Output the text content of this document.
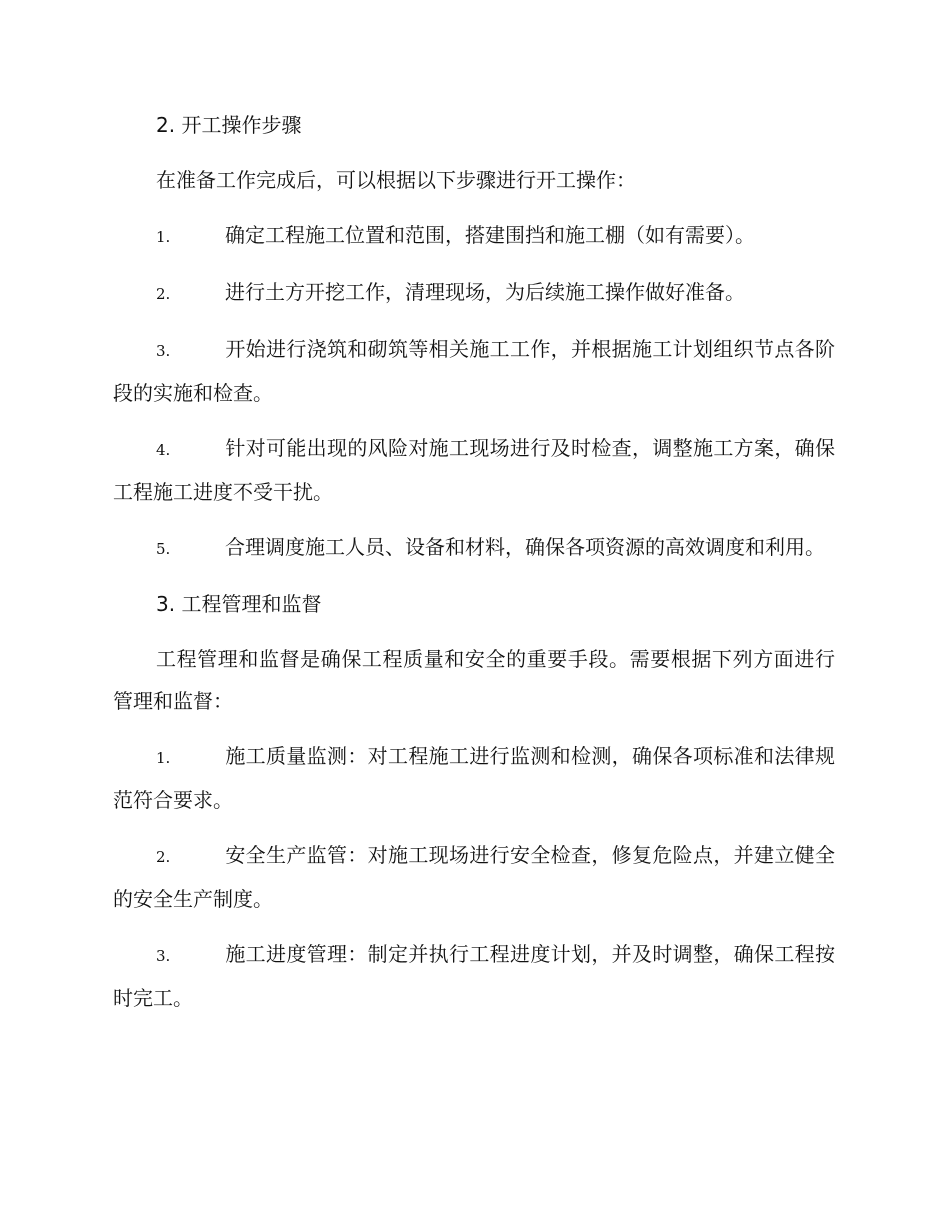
2. 开工操作步骤

在准备工作完成后，可以根据以下步骤进行开工操作：

1.	确定工程施工位置和范围，搭建围挡和施工棚（如有需要）。

2.	进行土方开挖工作，清理现场，为后续施工操作做好准备。

3.	开始进行浇筑和砌筑等相关施工工作，并根据施工计划组织节点各阶段的实施和检查。

4.	针对可能出现的风险对施工现场进行及时检查，调整施工方案，确保工程施工进度不受干扰。

5.	合理调度施工人员、设备和材料，确保各项资源的高效调度和利用。

3. 工程管理和监督

工程管理和监督是确保工程质量和安全的重要手段。需要根据下列方面进行管理和监督：

1.	施工质量监测：对工程施工进行监测和检测，确保各项标准和法律规范符合要求。

2.	安全生产监管：对施工现场进行安全检查，修复危险点，并建立健全的安全生产制度。

3.	施工进度管理：制定并执行工程进度计划，并及时调整，确保工程按时完工。
